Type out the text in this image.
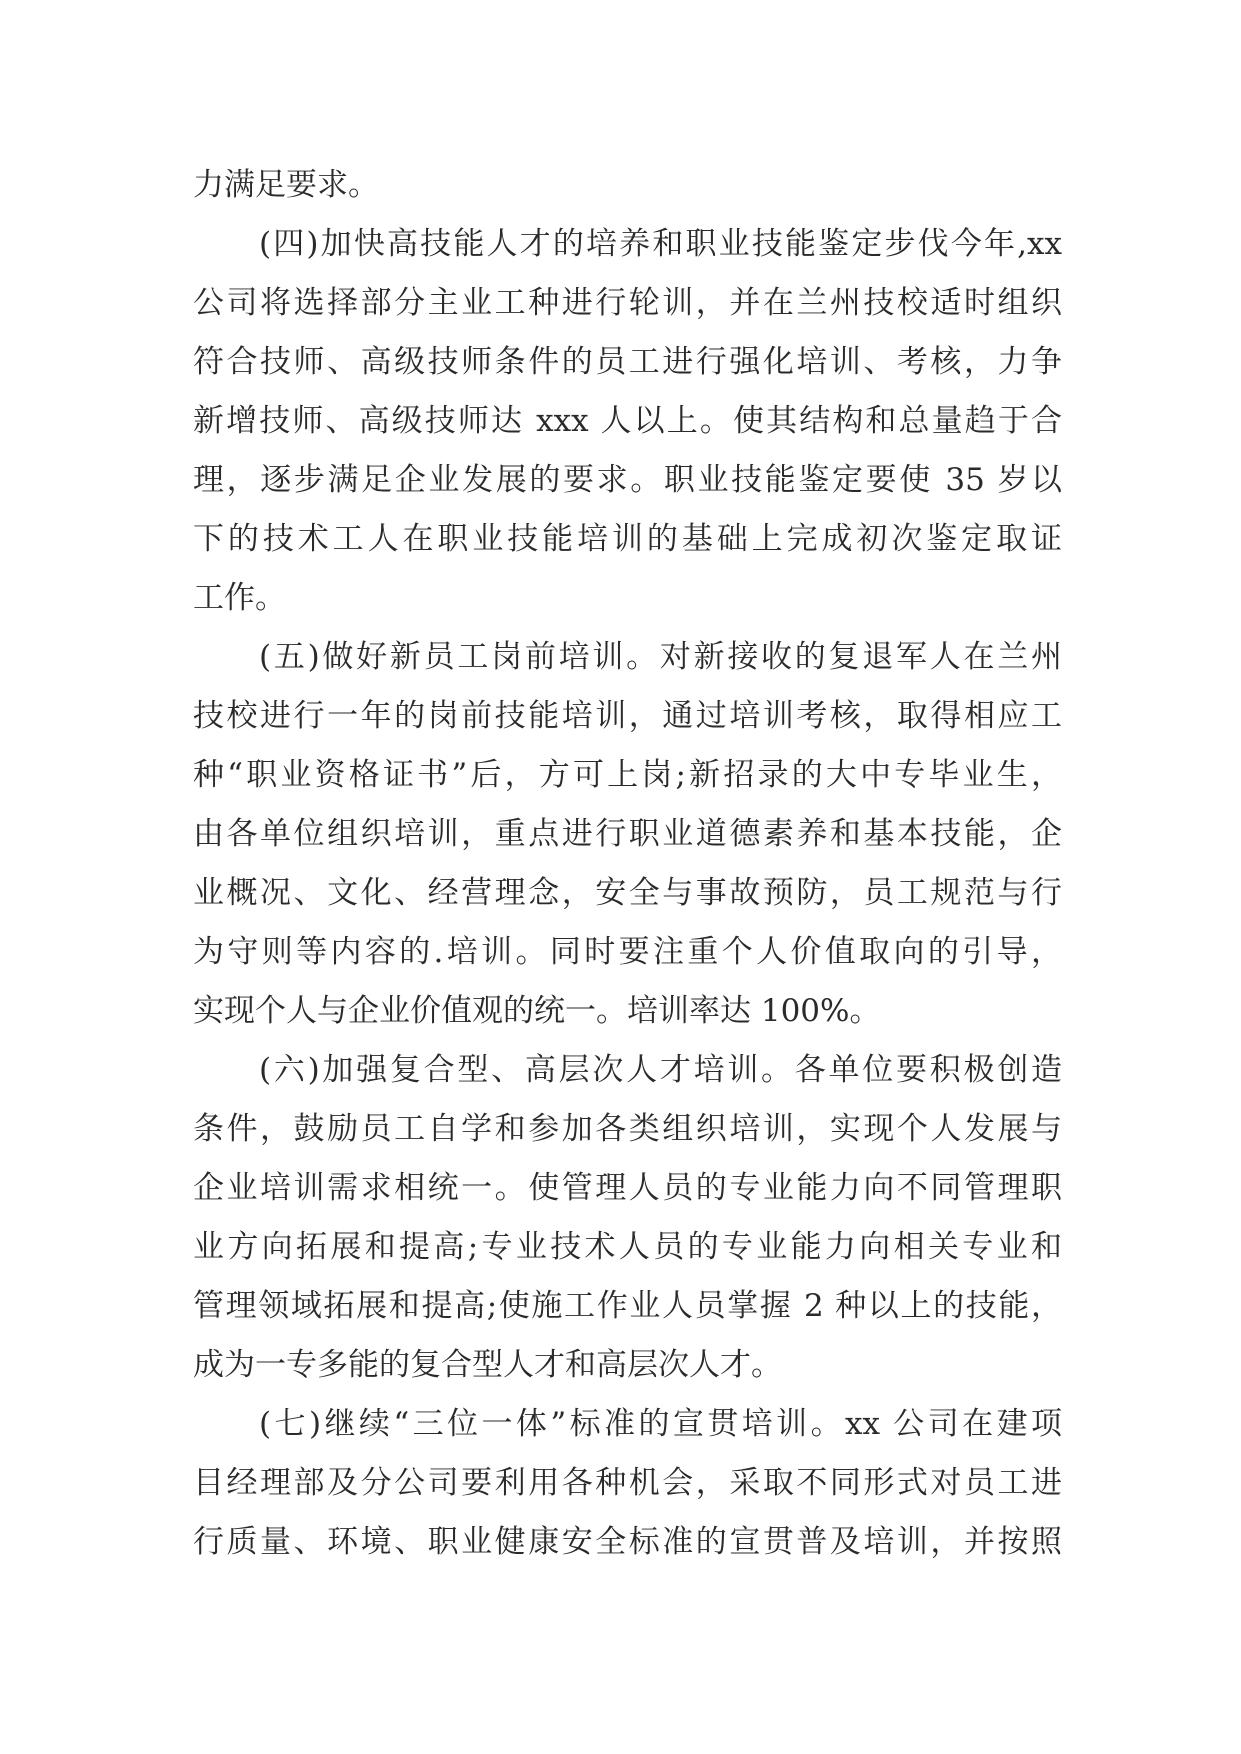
力满足要求。
(四)加快高技能人才的培养和职业技能鉴定步伐今年,xx
公司将选择部分主业工种进行轮训，并在兰州技校适时组织
符合技师、高级技师条件的员工进行强化培训、考核，力争
新增技师、高级技师达 xxx 人以上。使其结构和总量趋于合
理，逐步满足企业发展的要求。职业技能鉴定要使 35 岁以
下的技术工人在职业技能培训的基础上完成初次鉴定取证
工作。
(五)做好新员工岗前培训。对新接收的复退军人在兰州
技校进行一年的岗前技能培训，通过培训考核，取得相应工
种“职业资格证书”后，方可上岗;新招录的大中专毕业生，
由各单位组织培训，重点进行职业道德素养和基本技能，企
业概况、文化、经营理念，安全与事故预防，员工规范与行
为守则等内容的.培训。同时要注重个人价值取向的引导，
实现个人与企业价值观的统一。培训率达 100%。
(六)加强复合型、高层次人才培训。各单位要积极创造
条件，鼓励员工自学和参加各类组织培训，实现个人发展与
企业培训需求相统一。使管理人员的专业能力向不同管理职
业方向拓展和提高;专业技术人员的专业能力向相关专业和
管理领域拓展和提高;使施工作业人员掌握 2 种以上的技能，
成为一专多能的复合型人才和高层次人才。
(七)继续“三位一体”标准的宣贯培训。xx 公司在建项
目经理部及分公司要利用各种机会，采取不同形式对员工进
行质量、环境、职业健康安全标准的宣贯普及培训，并按照
